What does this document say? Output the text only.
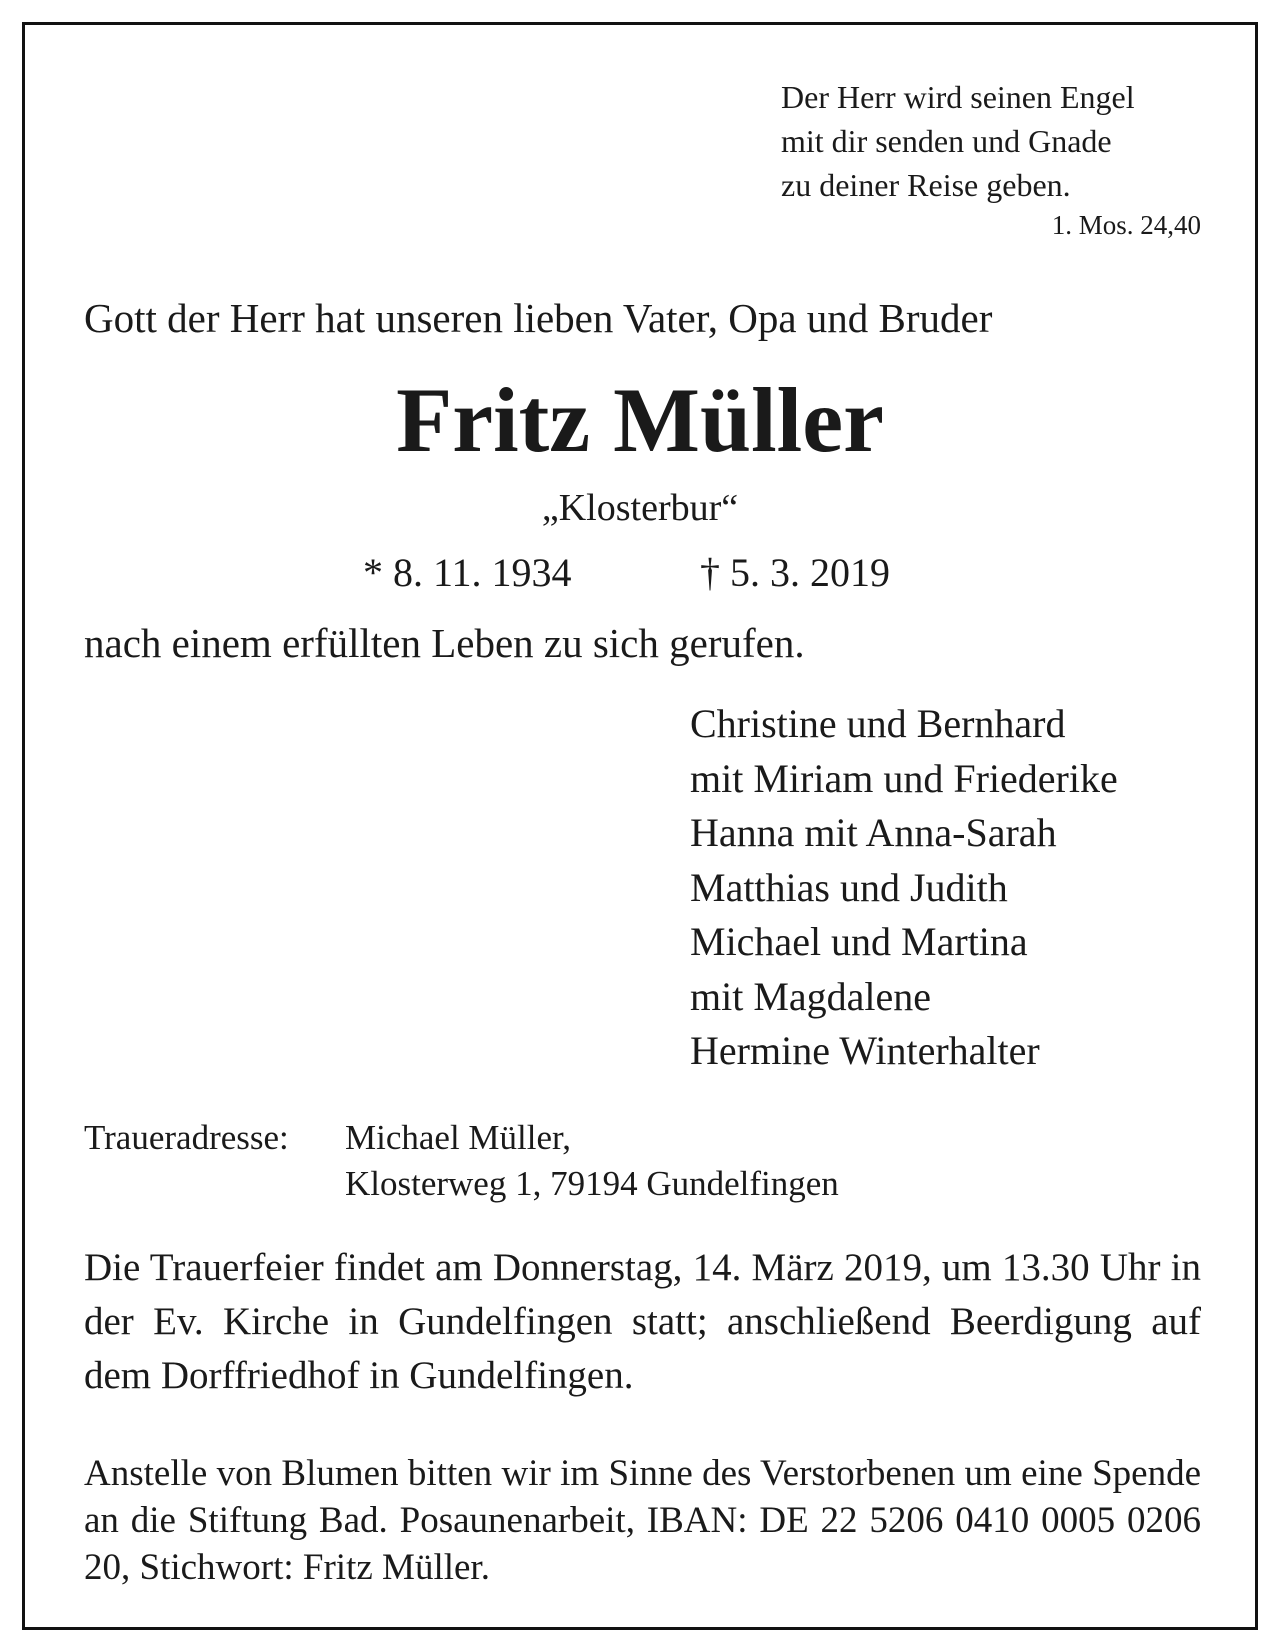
Der Herr wird seinen Engel
mit dir senden und Gnade
zu deiner Reise geben.
1. Mos. 24,40
Gott der Herr hat unseren lieben Vater, Opa und Bruder
Fritz Müller
„Klosterbur“
* 8. 11. 1934	† 5. 3. 2019
nach einem erfüllten Leben zu sich gerufen.
Christine und Bernhard
mit Miriam und Friederike
Hanna mit Anna-Sarah
Matthias und Judith
Michael und Martina
mit Magdalene
Hermine Winterhalter
Traueradresse: Michael Müller,
Klosterweg 1, 79194 Gundelfingen
Die Trauerfeier findet am Donnerstag, 14. März 2019, um 13.30 Uhr in der Ev. Kirche in Gundelfingen statt; anschließend Beerdigung auf dem Dorffriedhof in Gundelfingen.
Anstelle von Blumen bitten wir im Sinne des Verstorbenen um eine Spende an die Stiftung Bad. Posaunenarbeit, IBAN: DE 22 5206 0410 0005 0206 20, Stichwort: Fritz Müller.
